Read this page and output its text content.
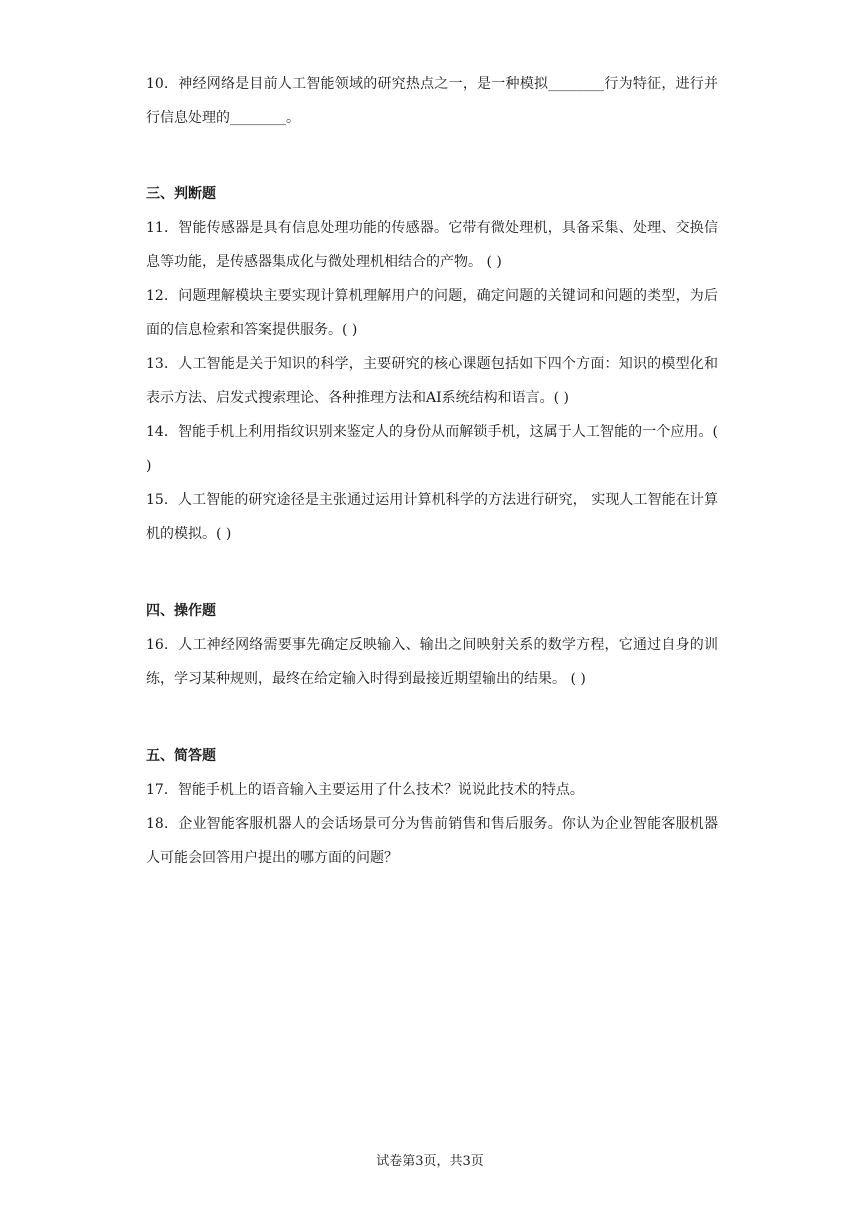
10．神经网络是目前人工智能领域的研究热点之一，是一种模拟________行为特征，进行并行信息处理的________。

三、判断题

11．智能传感器是具有信息处理功能的传感器。它带有微处理机，具备采集、处理、交换信息等功能，是传感器集成化与微处理机相结合的产物。 ( )

12．问题理解模块主要实现计算机理解用户的问题，确定问题的关键词和问题的类型，为后面的信息检索和答案提供服务。( )

13．人工智能是关于知识的科学，主要研究的核心课题包括如下四个方面：知识的模型化和表示方法、启发式搜索理论、各种推理方法和AI系统结构和语言。( )

14．智能手机上利用指纹识别来鉴定人的身份从而解锁手机，这属于人工智能的一个应用。( )

15．人工智能的研究途径是主张通过运用计算机科学的方法进行研究， 实现人工智能在计算机的模拟。( )

四、操作题

16．人工神经网络需要事先确定反映输入、输出之间映射关系的数学方程，它通过自身的训练，学习某种规则，最终在给定输入时得到最接近期望输出的结果。 ( )

五、简答题

17．智能手机上的语音输入主要运用了什么技术？说说此技术的特点。

18．企业智能客服机器人的会话场景可分为售前销售和售后服务。你认为企业智能客服机器人可能会回答用户提出的哪方面的问题？

试卷第3页，共3页
